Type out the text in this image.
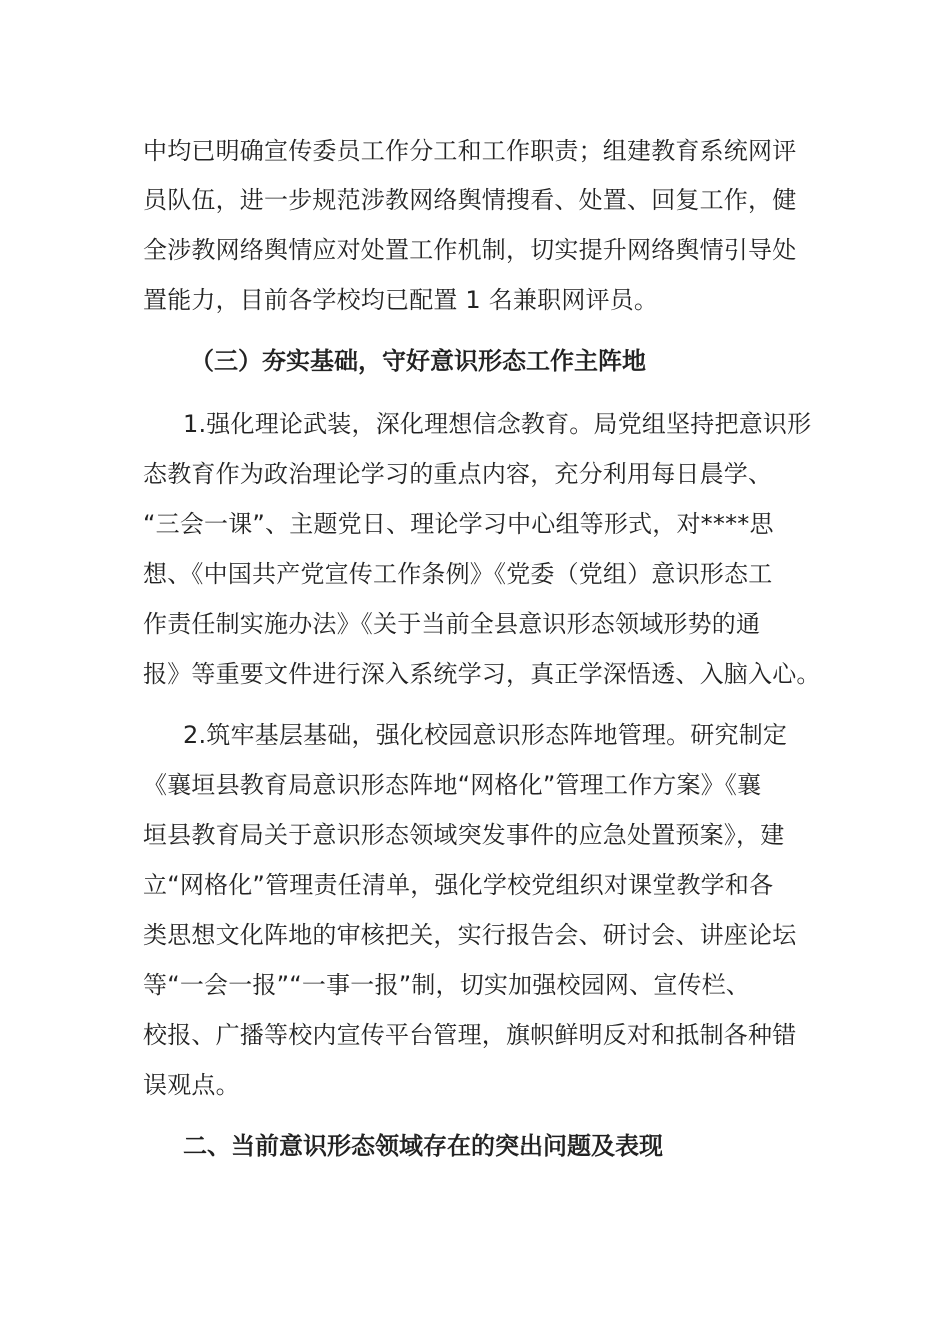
中均已明确宣传委员工作分工和工作职责；组建教育系统网评
员队伍，进一步规范涉教网络舆情搜看、处置、回复工作，健
全涉教网络舆情应对处置工作机制，切实提升网络舆情引导处
置能力，目前各学校均已配置 1 名兼职网评员。
（三）夯实基础，守好意识形态工作主阵地
1.强化理论武装，深化理想信念教育。局党组坚持把意识形
态教育作为政治理论学习的重点内容，充分利用每日晨学、
“三会一课”、主题党日、理论学习中心组等形式，对****思
想、《中国共产党宣传工作条例》《党委（党组）意识形态工
作责任制实施办法》《关于当前全县意识形态领域形势的通
报》等重要文件进行深入系统学习，真正学深悟透、入脑入心。
2.筑牢基层基础，强化校园意识形态阵地管理。研究制定
《襄垣县教育局意识形态阵地“网格化”管理工作方案》《襄
垣县教育局关于意识形态领域突发事件的应急处置预案》，建
立“网格化”管理责任清单，强化学校党组织对课堂教学和各
类思想文化阵地的审核把关，实行报告会、研讨会、讲座论坛
等“一会一报”“一事一报”制，切实加强校园网、宣传栏、
校报、广播等校内宣传平台管理，旗帜鲜明反对和抵制各种错
误观点。
二、当前意识形态领域存在的突出问题及表现
